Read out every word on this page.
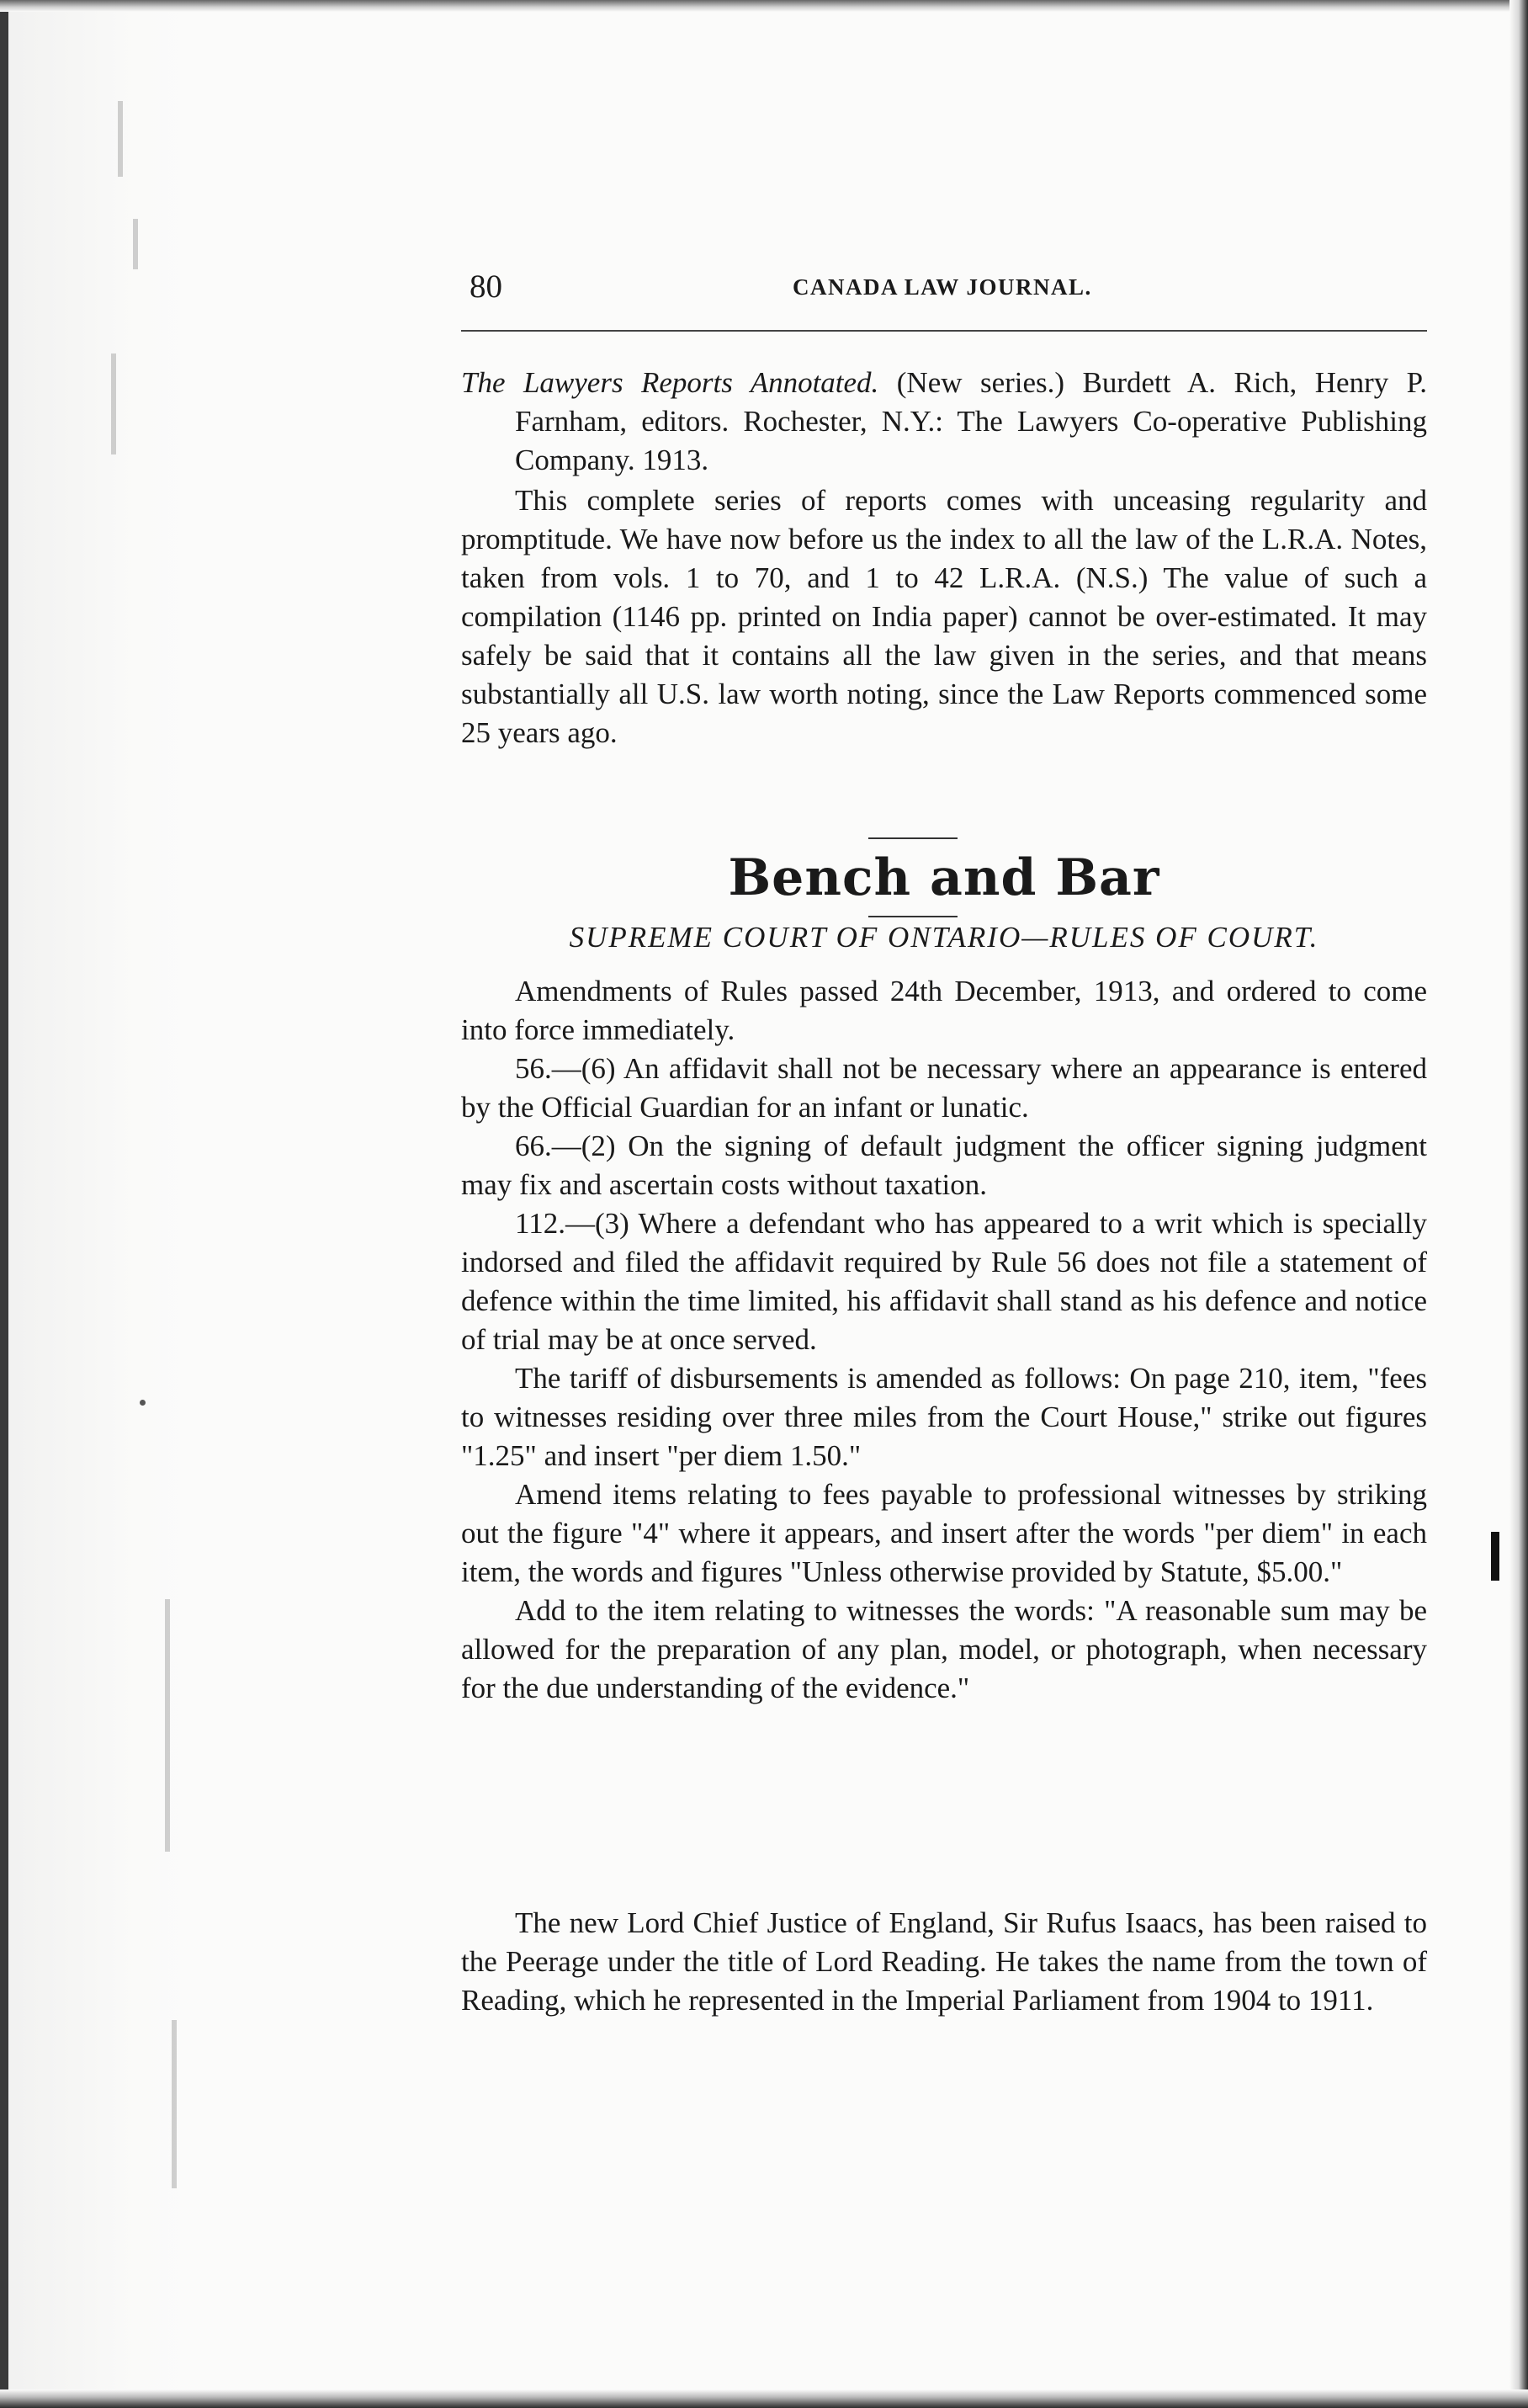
80	CANADA LAW JOURNAL.

The Lawyers Reports Annotated. (New series.) Burdett A. Rich, Henry P. Farnham, editors. Rochester, N.Y.: The Lawyers Co-operative Publishing Company. 1913.

This complete series of reports comes with unceasing regularity and promptitude. We have now before us the index to all the law of the L.R.A. Notes, taken from vols. 1 to 70, and 1 to 42 L.R.A. (N.S.) The value of such a compilation (1146 pp. printed on India paper) cannot be over-estimated. It may safely be said that it contains all the law given in the series, and that means substantially all U.S. law worth noting, since the Law Reports commenced some 25 years ago.

Bench and Bar
SUPREME COURT OF ONTARIO—RULES OF COURT.

Amendments of Rules passed 24th December, 1913, and ordered to come into force immediately.

56.—(6) An affidavit shall not be necessary where an appearance is entered by the Official Guardian for an infant or lunatic.

66.—(2) On the signing of default judgment the officer signing judgment may fix and ascertain costs without taxation.

112.—(3) Where a defendant who has appeared to a writ which is specially indorsed and filed the affidavit required by Rule 56 does not file a statement of defence within the time limited, his affidavit shall stand as his defence and notice of trial may be at once served.

The tariff of disbursements is amended as follows: On page 210, item, "fees to witnesses residing over three miles from the Court House," strike out figures "1.25" and insert "per diem 1.50."

Amend items relating to fees payable to professional witnesses by striking out the figure "4" where it appears, and insert after the words "per diem" in each item, the words and figures "Unless otherwise provided by Statute, $5.00."

Add to the item relating to witnesses the words: "A reasonable sum may be allowed for the preparation of any plan, model, or photograph, when necessary for the due understanding of the evidence."

The new Lord Chief Justice of England, Sir Rufus Isaacs, has been raised to the Peerage under the title of Lord Reading. He takes the name from the town of Reading, which he represented in the Imperial Parliament from 1904 to 1911.
